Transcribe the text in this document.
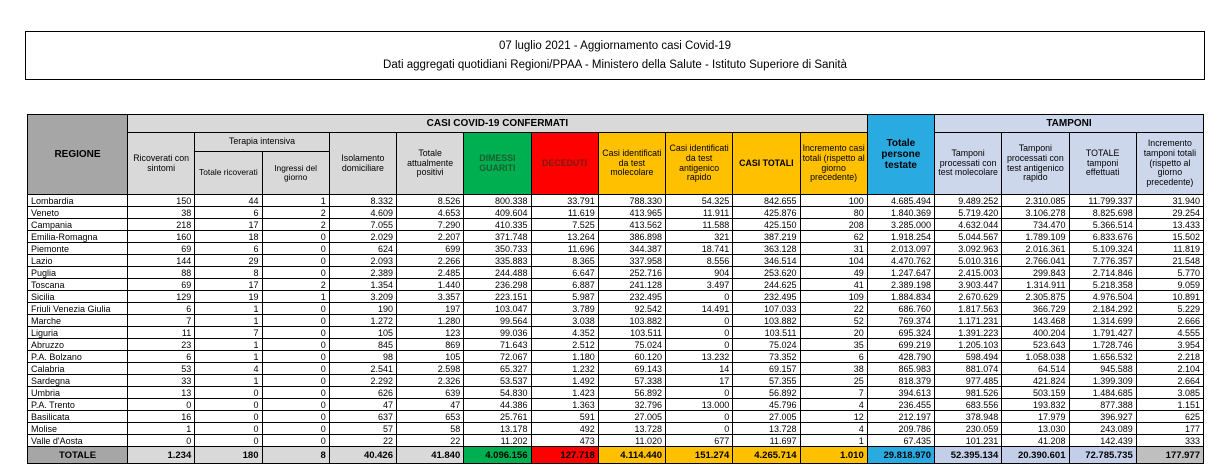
07 luglio 2021 - Aggiornamento casi Covid-19
Dati aggregati quotidiani Regioni/PPAA - Ministero della Salute - Istituto Superiore di Sanità
REGIONE	CASI COVID-19 CONFERMATI											Totale persone testate	TAMPONI			
	Ricoverati con sintomi	Terapia intensiva		Isolamento domiciliare	Totale attualmente positivi	DIMESSI GUARITI	DECEDUTI	Casi identificati da test molecolare	Casi identificati da test antigenico rapido	CASI TOTALI	Incremento casi totali (rispetto al giorno precedente)		Tamponi processati con test molecolare	Tamponi processati con test antigenico rapido	TOTALE tamponi effettuati	Incremento tamponi totali (rispetto al giorno precedente)
		Totale ricoverati	Ingressi del giorno													
Lombardia	150	44	1	8.332	8.526	800.338	33.791	788.330	54.325	842.655	100	4.685.494	9.489.252	2.310.085	11.799.337	31.940
Veneto	38	6	2	4.609	4.653	409.604	11.619	413.965	11.911	425.876	80	1.840.369	5.719.420	3.106.278	8.825.698	29.254
Campania	218	17	2	7.055	7.290	410.335	7.525	413.562	11.588	425.150	208	3.285.000	4.632.044	734.470	5.366.514	13.433
Emilia-Romagna	160	18	0	2.029	2.207	371.748	13.264	386.898	321	387.219	62	1.918.254	5.044.567	1.789.109	6.833.676	15.502
Piemonte	69	6	0	624	699	350.733	11.696	344.387	18.741	363.128	31	2.013.097	3.092.963	2.016.361	5.109.324	11.819
Lazio	144	29	0	2.093	2.266	335.883	8.365	337.958	8.556	346.514	104	4.470.762	5.010.316	2.766.041	7.776.357	21.548
Puglia	88	8	0	2.389	2.485	244.488	6.647	252.716	904	253.620	49	1.247.647	2.415.003	299.843	2.714.846	5.770
Toscana	69	17	2	1.354	1.440	236.298	6.887	241.128	3.497	244.625	41	2.389.198	3.903.447	1.314.911	5.218.358	9.059
Sicilia	129	19	1	3.209	3.357	223.151	5.987	232.495	0	232.495	109	1.884.834	2.670.629	2.305.875	4.976.504	10.891
Friuli Venezia Giulia	6	1	0	190	197	103.047	3.789	92.542	14.491	107.033	22	686.760	1.817.563	366.729	2.184.292	5.229
Marche	7	1	0	1.272	1.280	99.564	3.038	103.882	0	103.882	52	769.374	1.171.231	143.468	1.314.699	2.666
Liguria	11	7	0	105	123	99.036	4.352	103.511	0	103.511	20	695.324	1.391.223	400.204	1.791.427	4.555
Abruzzo	23	1	0	845	869	71.643	2.512	75.024	0	75.024	35	699.219	1.205.103	523.643	1.728.746	3.954
P.A. Bolzano	6	1	0	98	105	72.067	1.180	60.120	13.232	73.352	6	428.790	598.494	1.058.038	1.656.532	2.218
Calabria	53	4	0	2.541	2.598	65.327	1.232	69.143	14	69.157	38	865.983	881.074	64.514	945.588	2.104
Sardegna	33	1	0	2.292	2.326	53.537	1.492	57.338	17	57.355	25	818.379	977.485	421.824	1.399.309	2.664
Umbria	13	0	0	626	639	54.830	1.423	56.892	0	56.892	7	394.613	981.526	503.159	1.484.685	3.085
P.A. Trento	0	0	0	47	47	44.386	1.363	32.796	13.000	45.796	4	236.455	683.556	193.832	877.388	1.151
Basilicata	16	0	0	637	653	25.761	591	27.005	0	27.005	12	212.197	378.948	17.979	396.927	625
Molise	1	0	0	57	58	13.178	492	13.728	0	13.728	4	209.786	230.059	13.030	243.089	177
Valle d'Aosta	0	0	0	22	22	11.202	473	11.020	677	11.697	1	67.435	101.231	41.208	142.439	333
TOTALE	1.234	180	8	40.426	41.840	4.096.156	127.718	4.114.440	151.274	4.265.714	1.010	29.818.970	52.395.134	20.390.601	72.785.735	177.977
